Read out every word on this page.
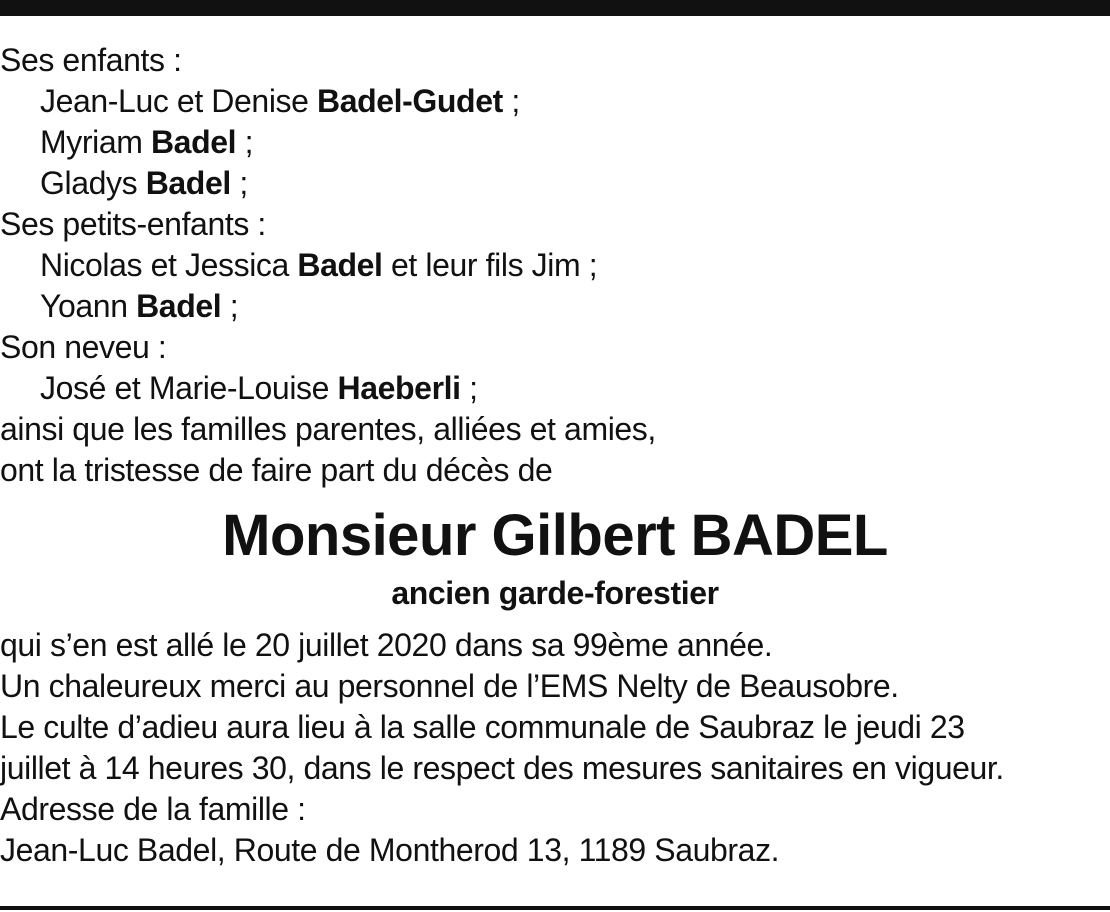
Ses enfants :
Jean-Luc et Denise Badel-Gudet ;
Myriam Badel ;
Gladys Badel ;
Ses petits-enfants :
Nicolas et Jessica Badel et leur fils Jim ;
Yoann Badel ;
Son neveu :
José et Marie-Louise Haeberli ;
ainsi que les familles parentes, alliées et amies,
ont la tristesse de faire part du décès de
Monsieur Gilbert BADEL
ancien garde-forestier
qui s’en est allé le 20 juillet 2020 dans sa 99ème année.
Un chaleureux merci au personnel de l’EMS Nelty de Beausobre.
Le culte d’adieu aura lieu à la salle communale de Saubraz le jeudi 23
juillet à 14 heures 30, dans le respect des mesures sanitaires en vigueur.
Adresse de la famille :
Jean-Luc Badel, Route de Montherod 13, 1189 Saubraz.
